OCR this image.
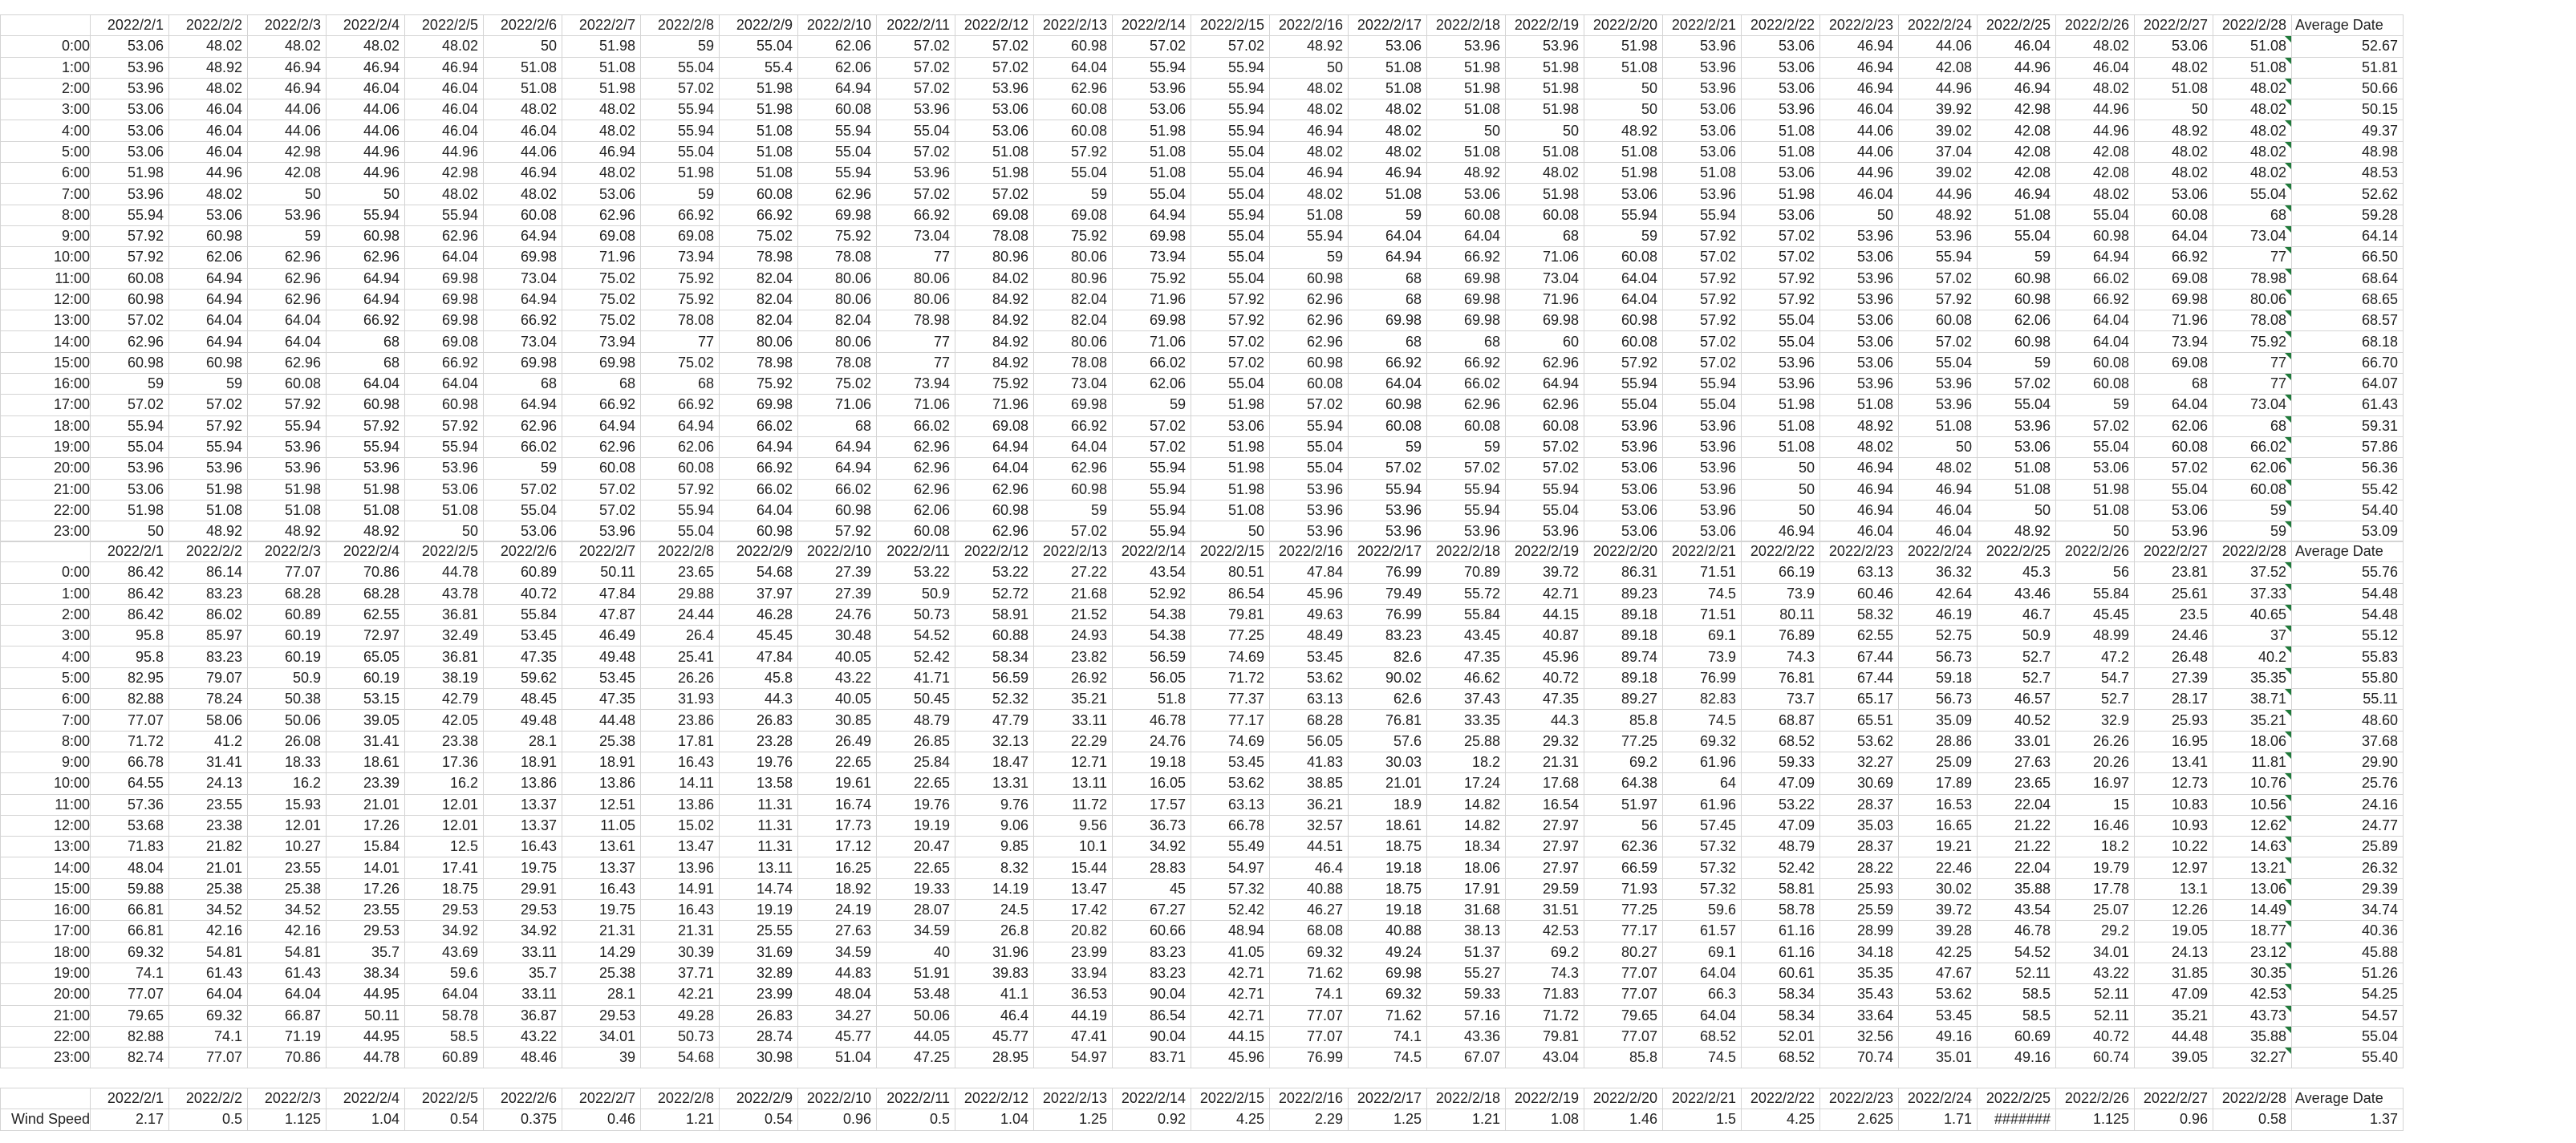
	2022/2/1	2022/2/2	2022/2/3	2022/2/4	2022/2/5	2022/2/6	2022/2/7	2022/2/8	2022/2/9	2022/2/10	2022/2/11	2022/2/12	2022/2/13	2022/2/14	2022/2/15	2022/2/16	2022/2/17	2022/2/18	2022/2/19	2022/2/20	2022/2/21	2022/2/22	2022/2/23	2022/2/24	2022/2/25	2022/2/26	2022/2/27	2022/2/28	Average Date
0:00	53.06	48.02	48.02	48.02	48.02	50	51.98	59	55.04	62.06	57.02	57.02	60.98	57.02	57.02	48.92	53.06	53.96	53.96	51.98	53.96	53.06	46.94	44.06	46.04	48.02	53.06	51.08	52.67
1:00	53.96	48.92	46.94	46.94	46.94	51.08	51.08	55.04	55.4	62.06	57.02	57.02	64.04	55.94	55.94	50	51.08	51.98	51.98	51.08	53.96	53.06	46.94	42.08	44.96	46.04	48.02	51.08	51.81
2:00	53.96	48.02	46.94	46.04	46.04	51.08	51.98	57.02	51.98	64.94	57.02	53.96	62.96	53.96	55.94	48.02	51.08	51.98	51.98	50	53.96	53.06	46.94	44.96	46.94	48.02	51.08	48.02	50.66
3:00	53.06	46.04	44.06	44.06	46.04	48.02	48.02	55.94	51.98	60.08	53.96	53.06	60.08	53.06	55.94	48.02	48.02	51.08	51.98	50	53.06	53.96	46.04	39.92	42.98	44.96	50	48.02	50.15
4:00	53.06	46.04	44.06	44.06	46.04	46.04	48.02	55.94	51.08	55.94	55.04	53.06	60.08	51.98	55.94	46.94	48.02	50	50	48.92	53.06	51.08	44.06	39.02	42.08	44.96	48.92	48.02	49.37
5:00	53.06	46.04	42.98	44.96	44.96	44.06	46.94	55.04	51.08	55.04	57.02	51.08	57.92	51.08	55.04	48.02	48.02	51.08	51.08	51.08	53.06	51.08	44.06	37.04	42.08	42.08	48.02	48.02	48.98
6:00	51.98	44.96	42.08	44.96	42.98	46.94	48.02	51.98	51.08	55.94	53.96	51.98	55.04	51.08	55.04	46.94	46.94	48.92	48.02	51.98	51.08	53.06	44.96	39.02	42.08	42.08	48.02	48.02	48.53
7:00	53.96	48.02	50	50	48.02	48.02	53.06	59	60.08	62.96	57.02	57.02	59	55.04	55.04	48.02	51.08	53.06	51.98	53.06	53.96	51.98	46.04	44.96	46.94	48.02	53.06	55.04	52.62
8:00	55.94	53.06	53.96	55.94	55.94	60.08	62.96	66.92	66.92	69.98	66.92	69.08	69.08	64.94	55.94	51.08	59	60.08	60.08	55.94	55.94	53.06	50	48.92	51.08	55.04	60.08	68	59.28
9:00	57.92	60.98	59	60.98	62.96	64.94	69.08	69.08	75.02	75.92	73.04	78.08	75.92	69.98	55.04	55.94	64.04	64.04	68	59	57.92	57.02	53.96	53.96	55.04	60.98	64.04	73.04	64.14
10:00	57.92	62.06	62.96	62.96	64.04	69.98	71.96	73.94	78.98	78.08	77	80.96	80.06	73.94	55.04	59	64.94	66.92	71.06	60.08	57.02	57.02	53.06	55.94	59	64.94	66.92	77	66.50
11:00	60.08	64.94	62.96	64.94	69.98	73.04	75.02	75.92	82.04	80.06	80.06	84.02	80.96	75.92	55.04	60.98	68	69.98	73.04	64.04	57.92	57.92	53.96	57.02	60.98	66.02	69.08	78.98	68.64
12:00	60.98	64.94	62.96	64.94	69.98	64.94	75.02	75.92	82.04	80.06	80.06	84.92	82.04	71.96	57.92	62.96	68	69.98	71.96	64.04	57.92	57.92	53.96	57.92	60.98	66.92	69.98	80.06	68.65
13:00	57.02	64.04	64.04	66.92	69.98	66.92	75.02	78.08	82.04	82.04	78.98	84.92	82.04	69.98	57.92	62.96	69.98	69.98	69.98	60.98	57.92	55.04	53.06	60.08	62.06	64.04	71.96	78.08	68.57
14:00	62.96	64.94	64.04	68	69.08	73.04	73.94	77	80.06	80.06	77	84.92	80.06	71.06	57.02	62.96	68	68	60	60.08	57.02	55.04	53.06	57.02	60.98	64.04	73.94	75.92	68.18
15:00	60.98	60.98	62.96	68	66.92	69.98	69.98	75.02	78.98	78.08	77	84.92	78.08	66.02	57.02	60.98	66.92	66.92	62.96	57.92	57.02	53.96	53.06	55.04	59	60.08	69.08	77	66.70
16:00	59	59	60.08	64.04	64.04	68	68	68	75.92	75.02	73.94	75.92	73.04	62.06	55.04	60.08	64.04	66.02	64.94	55.94	55.94	53.96	53.96	53.96	57.02	60.08	68	77	64.07
17:00	57.02	57.02	57.92	60.98	60.98	64.94	66.92	66.92	69.98	71.06	71.06	71.96	69.98	59	51.98	57.02	60.98	62.96	62.96	55.04	55.04	51.98	51.08	53.96	55.04	59	64.04	73.04	61.43
18:00	55.94	57.92	55.94	57.92	57.92	62.96	64.94	64.94	66.02	68	66.02	69.08	66.92	57.02	53.06	55.94	60.08	60.08	60.08	53.96	53.96	51.08	48.92	51.08	53.96	57.02	62.06	68	59.31
19:00	55.04	55.94	53.96	55.94	55.94	66.02	62.96	62.06	64.94	64.94	62.96	64.94	64.04	57.02	51.98	55.04	59	59	57.02	53.96	53.96	51.08	48.02	50	53.06	55.04	60.08	66.02	57.86
20:00	53.96	53.96	53.96	53.96	53.96	59	60.08	60.08	66.92	64.94	62.96	64.04	62.96	55.94	51.98	55.04	57.02	57.02	57.02	53.06	53.96	50	46.94	48.02	51.08	53.06	57.02	62.06	56.36
21:00	53.06	51.98	51.98	51.98	53.06	57.02	57.02	57.92	66.02	66.02	62.96	62.96	60.98	55.94	51.98	53.96	55.94	55.94	55.94	53.06	53.96	50	46.94	46.94	51.08	51.98	55.04	60.08	55.42
22:00	51.98	51.08	51.08	51.08	51.08	55.04	57.02	55.94	64.04	60.98	62.06	60.98	59	55.94	51.08	53.96	53.96	55.94	55.04	53.06	53.96	50	46.94	46.04	50	51.08	53.06	59	54.40
23:00	50	48.92	48.92	48.92	50	53.06	53.96	55.04	60.98	57.92	60.08	62.96	57.02	55.94	50	53.96	53.96	53.96	53.96	53.06	53.06	46.94	46.04	46.04	48.92	50	53.96	59	53.09
	2022/2/1	2022/2/2	2022/2/3	2022/2/4	2022/2/5	2022/2/6	2022/2/7	2022/2/8	2022/2/9	2022/2/10	2022/2/11	2022/2/12	2022/2/13	2022/2/14	2022/2/15	2022/2/16	2022/2/17	2022/2/18	2022/2/19	2022/2/20	2022/2/21	2022/2/22	2022/2/23	2022/2/24	2022/2/25	2022/2/26	2022/2/27	2022/2/28	Average Date
0:00	86.42	86.14	77.07	70.86	44.78	60.89	50.11	23.65	54.68	27.39	53.22	53.22	27.22	43.54	80.51	47.84	76.99	70.89	39.72	86.31	71.51	66.19	63.13	36.32	45.3	56	23.81	37.52	55.76
1:00	86.42	83.23	68.28	68.28	43.78	40.72	47.84	29.88	37.97	27.39	50.9	52.72	21.68	52.92	86.54	45.96	79.49	55.72	42.71	89.23	74.5	73.9	60.46	42.64	43.46	55.84	25.61	37.33	54.48
2:00	86.42	86.02	60.89	62.55	36.81	55.84	47.87	24.44	46.28	24.76	50.73	58.91	21.52	54.38	79.81	49.63	76.99	55.84	44.15	89.18	71.51	80.11	58.32	46.19	46.7	45.45	23.5	40.65	54.48
3:00	95.8	85.97	60.19	72.97	32.49	53.45	46.49	26.4	45.45	30.48	54.52	60.88	24.93	54.38	77.25	48.49	83.23	43.45	40.87	89.18	69.1	76.89	62.55	52.75	50.9	48.99	24.46	37	55.12
4:00	95.8	83.23	60.19	65.05	36.81	47.35	49.48	25.41	47.84	40.05	52.42	58.34	23.82	56.59	74.69	53.45	82.6	47.35	45.96	89.74	73.9	74.3	67.44	56.73	52.7	47.2	26.48	40.2	55.83
5:00	82.95	79.07	50.9	60.19	38.19	59.62	53.45	26.26	45.8	43.22	41.71	56.59	26.92	56.05	71.72	53.62	90.02	46.62	40.72	89.18	76.99	76.81	67.44	59.18	52.7	54.7	27.39	35.35	55.80
6:00	82.88	78.24	50.38	53.15	42.79	48.45	47.35	31.93	44.3	40.05	50.45	52.32	35.21	51.8	77.37	63.13	62.6	37.43	47.35	89.27	82.83	73.7	65.17	56.73	46.57	52.7	28.17	38.71	55.11
7:00	77.07	58.06	50.06	39.05	42.05	49.48	44.48	23.86	26.83	30.85	48.79	47.79	33.11	46.78	77.17	68.28	76.81	33.35	44.3	85.8	74.5	68.87	65.51	35.09	40.52	32.9	25.93	35.21	48.60
8:00	71.72	41.2	26.08	31.41	23.38	28.1	25.38	17.81	23.28	26.49	26.85	32.13	22.29	24.76	74.69	56.05	57.6	25.88	29.32	77.25	69.32	68.52	53.62	28.86	33.01	26.26	16.95	18.06	37.68
9:00	66.78	31.41	18.33	18.61	17.36	18.91	18.91	16.43	19.76	22.65	25.84	18.47	12.71	19.18	53.45	41.83	30.03	18.2	21.31	69.2	61.96	59.33	32.27	25.09	27.63	20.26	13.41	11.81	29.90
10:00	64.55	24.13	16.2	23.39	16.2	13.86	13.86	14.11	13.58	19.61	22.65	13.31	13.11	16.05	53.62	38.85	21.01	17.24	17.68	64.38	64	47.09	30.69	17.89	23.65	16.97	12.73	10.76	25.76
11:00	57.36	23.55	15.93	21.01	12.01	13.37	12.51	13.86	11.31	16.74	19.76	9.76	11.72	17.57	63.13	36.21	18.9	14.82	16.54	51.97	61.96	53.22	28.37	16.53	22.04	15	10.83	10.56	24.16
12:00	53.68	23.38	12.01	17.26	12.01	13.37	11.05	15.02	11.31	17.73	19.19	9.06	9.56	36.73	66.78	32.57	18.61	14.82	27.97	56	57.45	47.09	35.03	16.65	21.22	16.46	10.93	12.62	24.77
13:00	71.83	21.82	10.27	15.84	12.5	16.43	13.61	13.47	11.31	17.12	20.47	9.85	10.1	34.92	55.49	44.51	18.75	18.34	27.97	62.36	57.32	48.79	28.37	19.21	21.22	18.2	10.22	14.63	25.89
14:00	48.04	21.01	23.55	14.01	17.41	19.75	13.37	13.96	13.11	16.25	22.65	8.32	15.44	28.83	54.97	46.4	19.18	18.06	27.97	66.59	57.32	52.42	28.22	22.46	22.04	19.79	12.97	13.21	26.32
15:00	59.88	25.38	25.38	17.26	18.75	29.91	16.43	14.91	14.74	18.92	19.33	14.19	13.47	45	57.32	40.88	18.75	17.91	29.59	71.93	57.32	58.81	25.93	30.02	35.88	17.78	13.1	13.06	29.39
16:00	66.81	34.52	34.52	23.55	29.53	29.53	19.75	16.43	19.19	24.19	28.07	24.5	17.42	67.27	52.42	46.27	19.18	31.68	31.51	77.25	59.6	58.78	25.59	39.72	43.54	25.07	12.26	14.49	34.74
17:00	66.81	42.16	42.16	29.53	34.92	34.92	21.31	21.31	25.55	27.63	34.59	26.8	20.82	60.66	48.94	68.08	40.88	38.13	42.53	77.17	61.57	61.16	28.99	39.28	46.78	29.2	19.05	18.77	40.36
18:00	69.32	54.81	54.81	35.7	43.69	33.11	14.29	30.39	31.69	34.59	40	31.96	23.99	83.23	41.05	69.32	49.24	51.37	69.2	80.27	69.1	61.16	34.18	42.25	54.52	34.01	24.13	23.12	45.88
19:00	74.1	61.43	61.43	38.34	59.6	35.7	25.38	37.71	32.89	44.83	51.91	39.83	33.94	83.23	42.71	71.62	69.98	55.27	74.3	77.07	64.04	60.61	35.35	47.67	52.11	43.22	31.85	30.35	51.26
20:00	77.07	64.04	64.04	44.95	64.04	33.11	28.1	42.21	23.99	48.04	53.48	41.1	36.53	90.04	42.71	74.1	69.32	59.33	71.83	77.07	66.3	58.34	35.43	53.62	58.5	52.11	47.09	42.53	54.25
21:00	79.65	69.32	66.87	50.11	58.78	36.87	29.53	49.28	26.83	34.27	50.06	46.4	44.19	86.54	42.71	77.07	71.62	57.16	71.72	79.65	64.04	58.34	33.64	53.45	58.5	52.11	35.21	43.73	54.57
22:00	82.88	74.1	71.19	44.95	58.5	43.22	34.01	50.73	28.74	45.77	44.05	45.77	47.41	90.04	44.15	77.07	74.1	43.36	79.81	77.07	68.52	52.01	32.56	49.16	60.69	40.72	44.48	35.88	55.04
23:00	82.74	77.07	70.86	44.78	60.89	48.46	39	54.68	30.98	51.04	47.25	28.95	54.97	83.71	45.96	76.99	74.5	67.07	43.04	85.8	74.5	68.52	70.74	35.01	49.16	60.74	39.05	32.27	55.40
	2022/2/1	2022/2/2	2022/2/3	2022/2/4	2022/2/5	2022/2/6	2022/2/7	2022/2/8	2022/2/9	2022/2/10	2022/2/11	2022/2/12	2022/2/13	2022/2/14	2022/2/15	2022/2/16	2022/2/17	2022/2/18	2022/2/19	2022/2/20	2022/2/21	2022/2/22	2022/2/23	2022/2/24	2022/2/25	2022/2/26	2022/2/27	2022/2/28	Average Date
Wind Speed	2.17	0.5	1.125	1.04	0.54	0.375	0.46	1.21	0.54	0.96	0.5	1.04	1.25	0.92	4.25	2.29	1.25	1.21	1.08	1.46	1.5	4.25	2.625	1.71	#######	1.125	0.96	0.58	1.37
